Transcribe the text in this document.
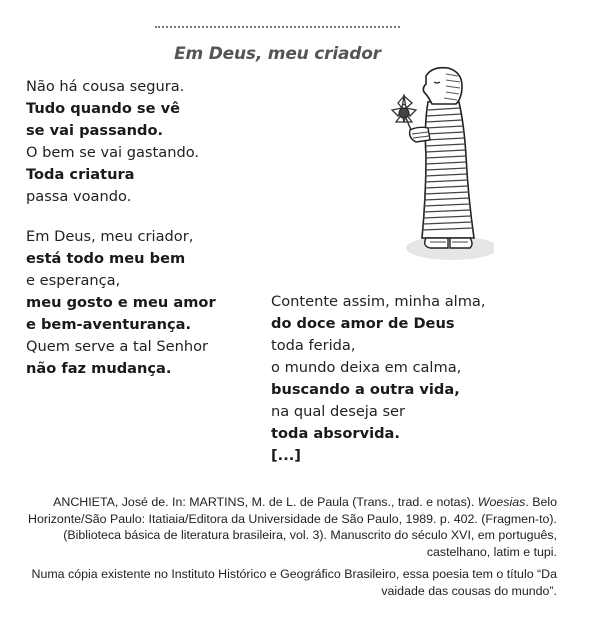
Em Deus, meu criador
Não há cousa segura.
Tudo quando se vê
se vai passando.
O bem se vai gastando.
Toda criatura
passa voando.
Em Deus, meu criador,
está todo meu bem
e esperança,
meu gosto e meu amor
e bem-aventurança.
Quem serve a tal Senhor
não faz mudança.
Contente assim, minha alma,
do doce amor de Deus
toda ferida,
o mundo deixa em calma,
buscando a outra vida,
na qual deseja ser
toda absorvida.
[...]

ANCHIETA, José de. In: MARTINS, M. de L. de Paula (Trans., trad. e notas). Woesias. Belo Horizonte/São Paulo: Itatiaia/Editora da Universidade de São Paulo, 1989. p. 402. (Fragmen-to). (Biblioteca básica de literatura brasileira, vol. 3). Manuscrito do século XVI, em português, castelhano, latim e tupi.

Numa cópia existente no Instituto Histórico e Geográfico Brasileiro, essa poesia tem o título “Da vaidade das cousas do mundo”.
